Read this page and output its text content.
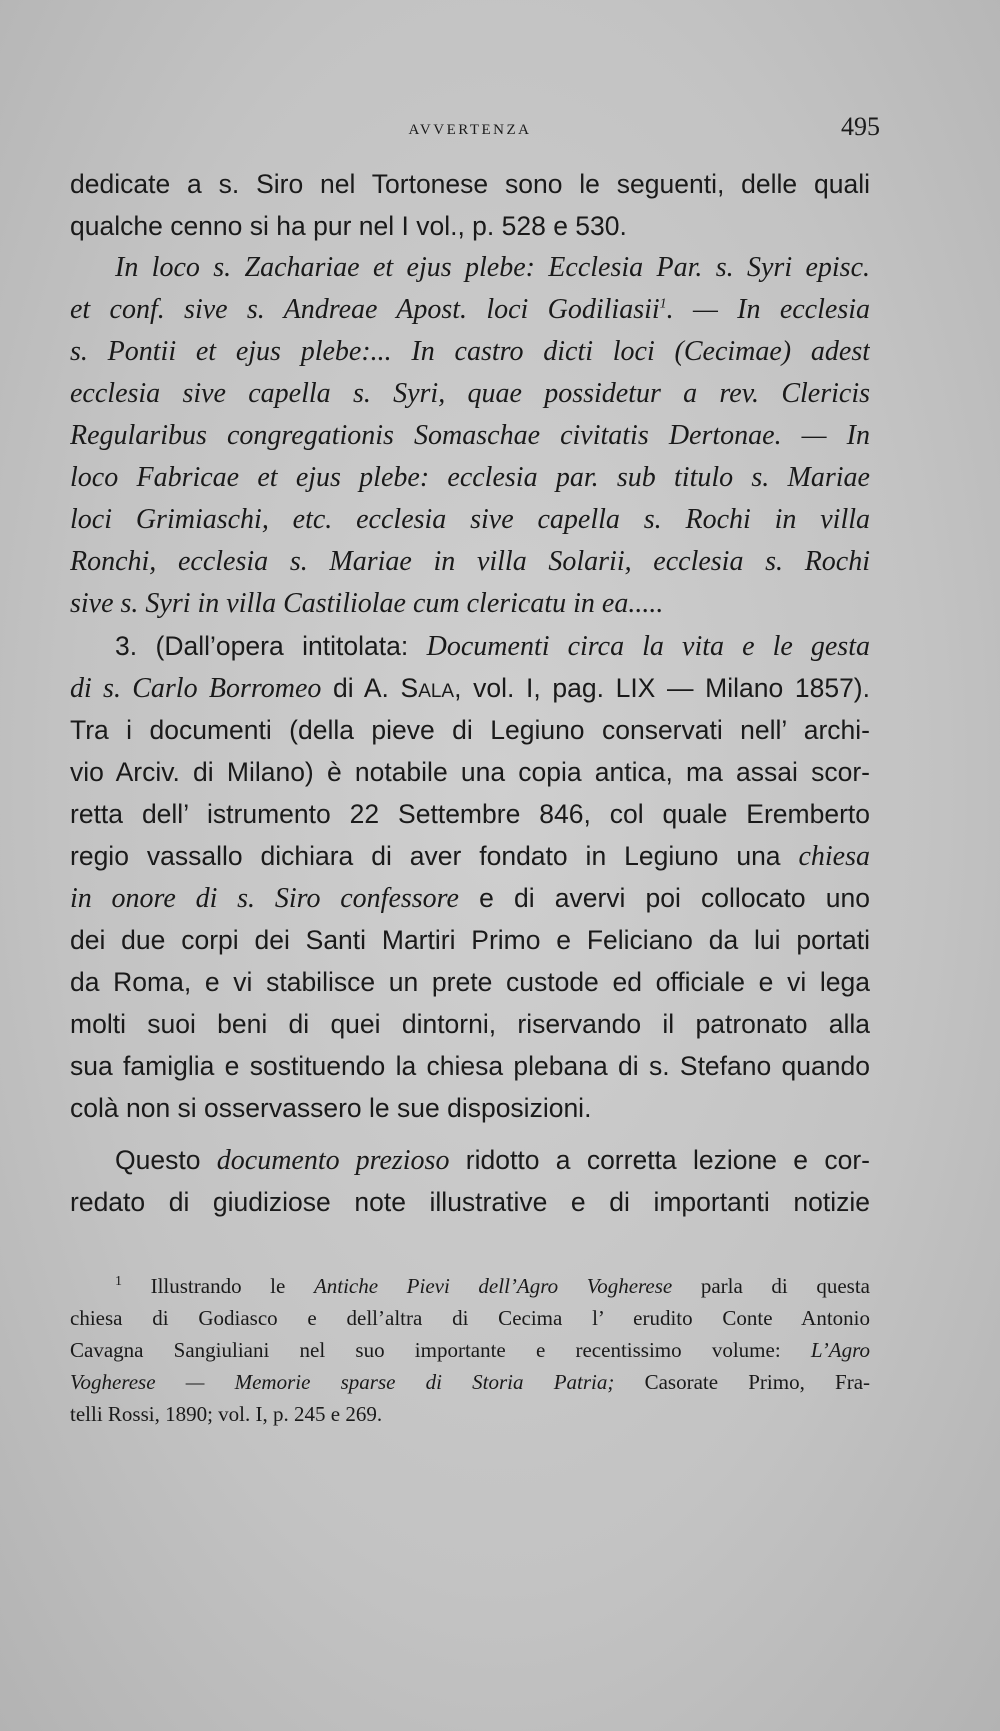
AVVERTENZA	495
dedicate a s. Siro nel Tortonese sono le seguenti, delle quali
qualche cenno si ha pur nel I vol., p. 528 e 530.
In loco s. Zachariae et ejus plebe: Ecclesia Par. s. Syri episc.
et conf. sive s. Andreae Apost. loci Godiliasii$^1$. — In ecclesia
s. Pontii et ejus plebe:... In castro dicti loci (Cecimae) adest
ecclesia sive capella s. Syri, quae possidetur a rev. Clericis
Regularibus congregationis Somaschae civitatis Dertonae. — In
loco Fabricae et ejus plebe: ecclesia par. sub titulo s. Mariae
loci Grimiaschi, etc. ecclesia sive capella s. Rochi in villa
Ronchi, ecclesia s. Mariae in villa Solarii, ecclesia s. Rochi
sive s. Syri in villa Castiliolae cum clericatu in ea.....
3. (Dall’opera intitolata: Documenti circa la vita e le gesta
di s. Carlo Borromeo di A. Sala, vol. I, pag. LIX — Milano 1857).
Tra i documenti (della pieve di Legiuno conservati nell’ archi-
vio Arciv. di Milano) è notabile una copia antica, ma assai scor-
retta dell’ istrumento 22 Settembre 846, col quale Eremberto
regio vassallo dichiara di aver fondato in Legiuno una chiesa
in onore di s. Siro confessore e di avervi poi collocato uno
dei due corpi dei Santi Martiri Primo e Feliciano da lui portati
da Roma, e vi stabilisce un prete custode ed officiale e vi lega
molti suoi beni di quei dintorni, riservando il patronato alla
sua famiglia e sostituendo la chiesa plebana di s. Stefano quando
colà non si osservassero le sue disposizioni.
Questo documento prezioso ridotto a corretta lezione e cor-
redato di giudiziose note illustrative e di importanti notizie
$^1$ Illustrando le Antiche Pievi dell’Agro Vogherese parla di questa
chiesa di Godiasco e dell’altra di Cecima l’ erudito Conte Antonio
Cavagna Sangiuliani nel suo importante e recentissimo volume: L’Agro
Vogherese — Memorie sparse di Storia Patria; Casorate Primo, Fra-
telli Rossi, 1890; vol. I, p. 245 e 269.
